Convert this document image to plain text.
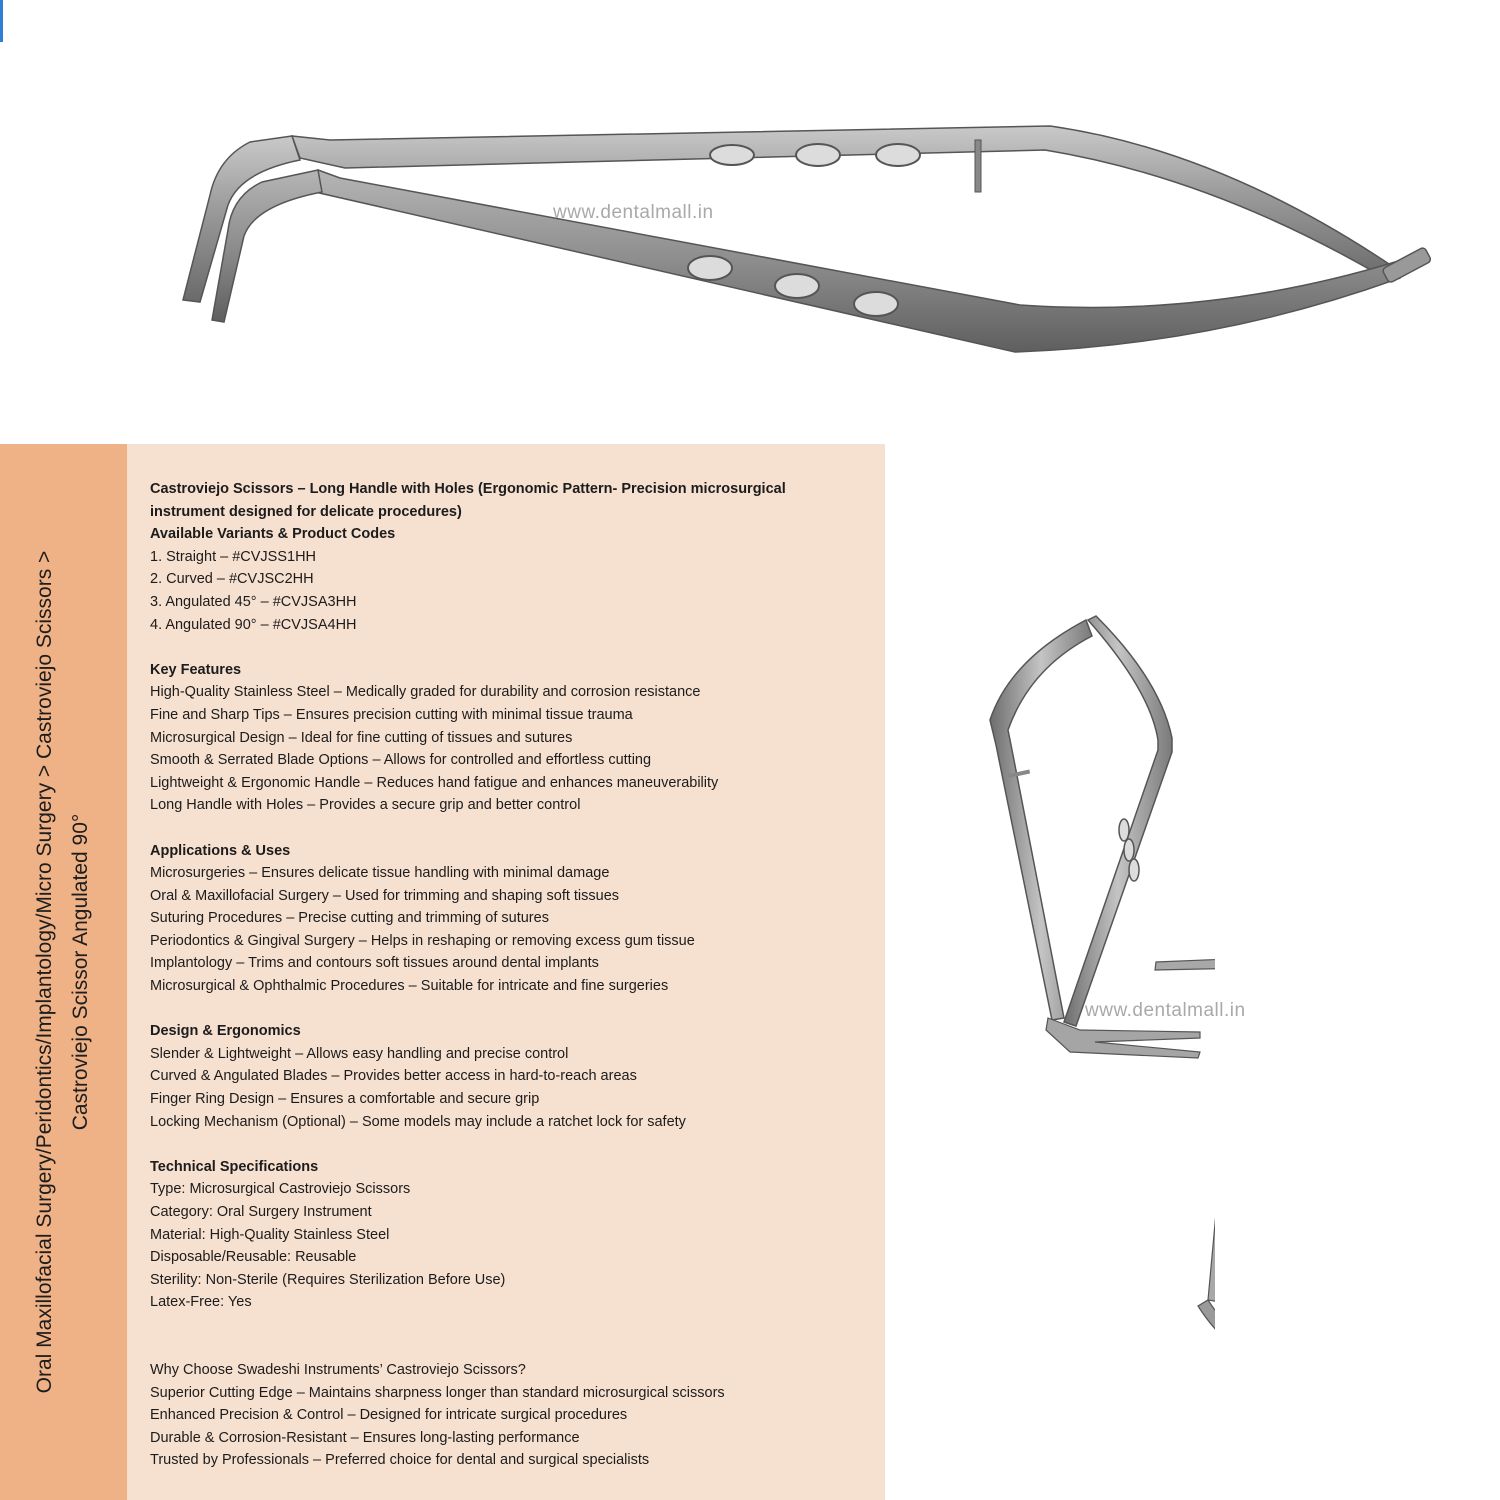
www.dentalmall.in
Oral Maxillofacial Surgery/Peridontics/Implantology/Micro Surgery > Castroviejo Scissors > Castroviejo Scissor Angulated 90°
Castroviejo Scissors – Long Handle with Holes (Ergonomic Pattern- Precision microsurgical instrument designed for delicate procedures)
Available Variants & Product Codes
1. Straight – #CVJSS1HH
2. Curved – #CVJSC2HH
3. Angulated 45° – #CVJSA3HH
4. Angulated 90° – #CVJSA4HH
Key Features
High-Quality Stainless Steel – Medically graded for durability and corrosion resistance
Fine and Sharp Tips – Ensures precision cutting with minimal tissue trauma
Microsurgical Design – Ideal for fine cutting of tissues and sutures
Smooth & Serrated Blade Options – Allows for controlled and effortless cutting
Lightweight & Ergonomic Handle – Reduces hand fatigue and enhances maneuverability
Long Handle with Holes – Provides a secure grip and better control
Applications & Uses
Microsurgeries – Ensures delicate tissue handling with minimal damage
Oral & Maxillofacial Surgery – Used for trimming and shaping soft tissues
Suturing Procedures – Precise cutting and trimming of sutures
Periodontics & Gingival Surgery – Helps in reshaping or removing excess gum tissue
Implantology – Trims and contours soft tissues around dental implants
Microsurgical & Ophthalmic Procedures – Suitable for intricate and fine surgeries
Design & Ergonomics
Slender & Lightweight – Allows easy handling and precise control
Curved & Angulated Blades – Provides better access in hard-to-reach areas
Finger Ring Design – Ensures a comfortable and secure grip
Locking Mechanism (Optional) – Some models may include a ratchet lock for safety
Technical Specifications
Type: Microsurgical Castroviejo Scissors
Category: Oral Surgery Instrument
Material: High-Quality Stainless Steel
Disposable/Reusable: Reusable
Sterility: Non-Sterile (Requires Sterilization Before Use)
Latex-Free: Yes
Why Choose Swadeshi Instruments’ Castroviejo Scissors?
Superior Cutting Edge – Maintains sharpness longer than standard microsurgical scissors
Enhanced Precision & Control – Designed for intricate surgical procedures
Durable & Corrosion-Resistant – Ensures long-lasting performance
Trusted by Professionals – Preferred choice for dental and surgical specialists
www.dentalmall.in
